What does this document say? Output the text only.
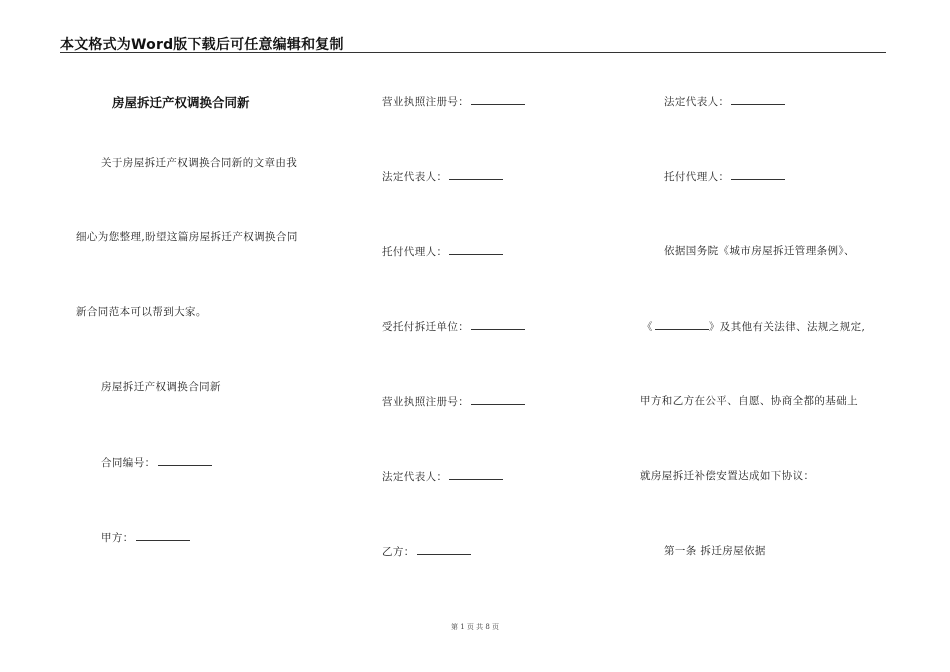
本文格式为Word版下载后可任意编辑和复制
房屋拆迁产权调换合同新
关于房屋拆迁产权调换合同新的文章由我
细心为您整理,盼望这篇房屋拆迁产权调换合同
新合同范本可以帮到大家。
房屋拆迁产权调换合同新
合同编号：
甲方：
营业执照注册号：
法定代表人：
托付代理人：
受托付拆迁单位：
营业执照注册号：
法定代表人：
乙方：
法定代表人：
托付代理人：
依据国务院《城市房屋拆迁管理条例》、
《	》及其他有关法律、法规之规定,
甲方和乙方在公平、自愿、协商全都的基础上
就房屋拆迁补偿安置达成如下协议：
第一条 拆迁房屋依据
第 1 页 共 8 页
